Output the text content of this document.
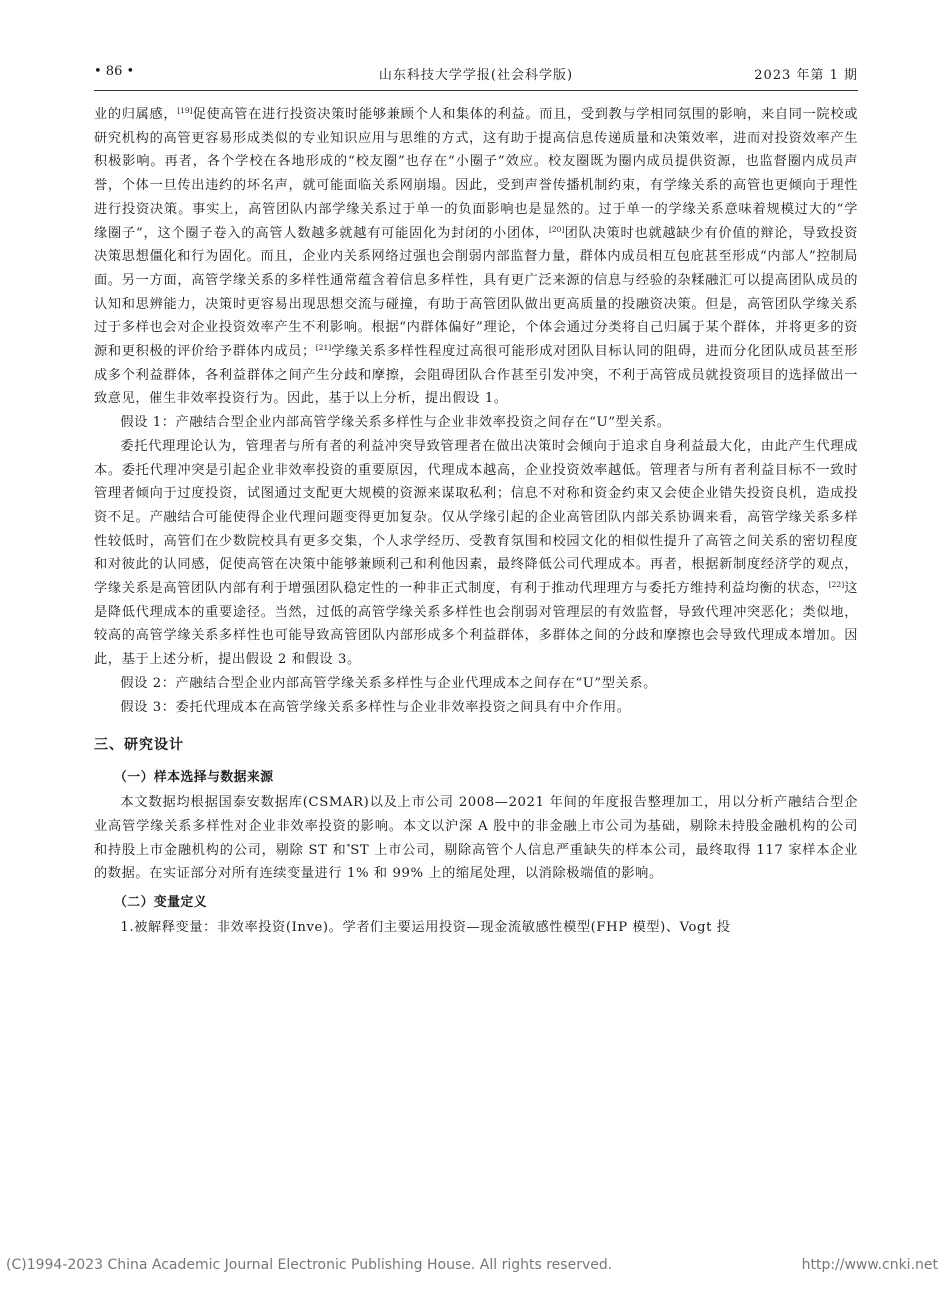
• 86 •	山东科技大学学报(社会科学版)	2023 年第 1 期

业的归属感，[19]促使高管在进行投资决策时能够兼顾个人和集体的利益。而且，受到教与学相同氛围的影响，来自同一院校或研究机构的高管更容易形成类似的专业知识应用与思维的方式，这有助于提高信息传递质量和决策效率，进而对投资效率产生积极影响。再者，各个学校在各地形成的“校友圈”也存在“小圈子”效应。校友圈既为圈内成员提供资源，也监督圈内成员声誉，个体一旦传出违约的坏名声，就可能面临关系网崩塌。因此，受到声誉传播机制约束，有学缘关系的高管也更倾向于理性进行投资决策。事实上，高管团队内部学缘关系过于单一的负面影响也是显然的。过于单一的学缘关系意味着规模过大的“学缘圈子”，这个圈子卷入的高管人数越多就越有可能固化为封闭的小团体，[20]团队决策时也就越缺少有价值的辩论，导致投资决策思想僵化和行为固化。而且，企业内关系网络过强也会削弱内部监督力量，群体内成员相互包庇甚至形成“内部人”控制局面。另一方面，高管学缘关系的多样性通常蕴含着信息多样性，具有更广泛来源的信息与经验的杂糅融汇可以提高团队成员的认知和思辨能力，决策时更容易出现思想交流与碰撞，有助于高管团队做出更高质量的投融资决策。但是，高管团队学缘关系过于多样也会对企业投资效率产生不利影响。根据“内群体偏好”理论，个体会通过分类将自己归属于某个群体，并将更多的资源和更积极的评价给予群体内成员；[21]学缘关系多样性程度过高很可能形成对团队目标认同的阻碍，进而分化团队成员甚至形成多个利益群体，各利益群体之间产生分歧和摩擦，会阻碍团队合作甚至引发冲突，不利于高管成员就投资项目的选择做出一致意见，催生非效率投资行为。因此，基于以上分析，提出假设 1。

假设 1：产融结合型企业内部高管学缘关系多样性与企业非效率投资之间存在“U”型关系。

委托代理理论认为，管理者与所有者的利益冲突导致管理者在做出决策时会倾向于追求自身利益最大化，由此产生代理成本。委托代理冲突是引起企业非效率投资的重要原因，代理成本越高，企业投资效率越低。管理者与所有者利益目标不一致时管理者倾向于过度投资，试图通过支配更大规模的资源来谋取私利；信息不对称和资金约束又会使企业错失投资良机，造成投资不足。产融结合可能使得企业代理问题变得更加复杂。仅从学缘引起的企业高管团队内部关系协调来看，高管学缘关系多样性较低时，高管们在少数院校具有更多交集，个人求学经历、受教育氛围和校园文化的相似性提升了高管之间关系的密切程度和对彼此的认同感，促使高管在决策中能够兼顾利己和利他因素，最终降低公司代理成本。再者，根据新制度经济学的观点，学缘关系是高管团队内部有利于增强团队稳定性的一种非正式制度，有利于推动代理理方与委托方维持利益均衡的状态，[22]这是降低代理成本的重要途径。当然，过低的高管学缘关系多样性也会削弱对管理层的有效监督，导致代理冲突恶化；类似地，较高的高管学缘关系多样性也可能导致高管团队内部形成多个利益群体，多群体之间的分歧和摩擦也会导致代理成本增加。因此，基于上述分析，提出假设 2 和假设 3。

假设 2：产融结合型企业内部高管学缘关系多样性与企业代理成本之间存在“U”型关系。

假设 3：委托代理成本在高管学缘关系多样性与企业非效率投资之间具有中介作用。

三、研究设计
（一）样本选择与数据来源

本文数据均根据国泰安数据库(CSMAR)以及上市公司 2008—2021 年间的年度报告整理加工，用以分析产融结合型企业高管学缘关系多样性对企业非效率投资的影响。本文以沪深 A 股中的非金融上市公司为基础，剔除未持股金融机构的公司和持股上市金融机构的公司，剔除 ST 和*ST 上市公司，剔除高管个人信息严重缺失的样本公司，最终取得 117 家样本企业的数据。在实证部分对所有连续变量进行 1% 和 99% 上的缩尾处理，以消除极端值的影响。

（二）变量定义

1.被解释变量：非效率投资(Inve)。学者们主要运用投资—现金流敏感性模型(FHP 模型)、Vogt 投

(C)1994-2023 China Academic Journal Electronic Publishing House. All rights reserved.	http://www.cnki.net
